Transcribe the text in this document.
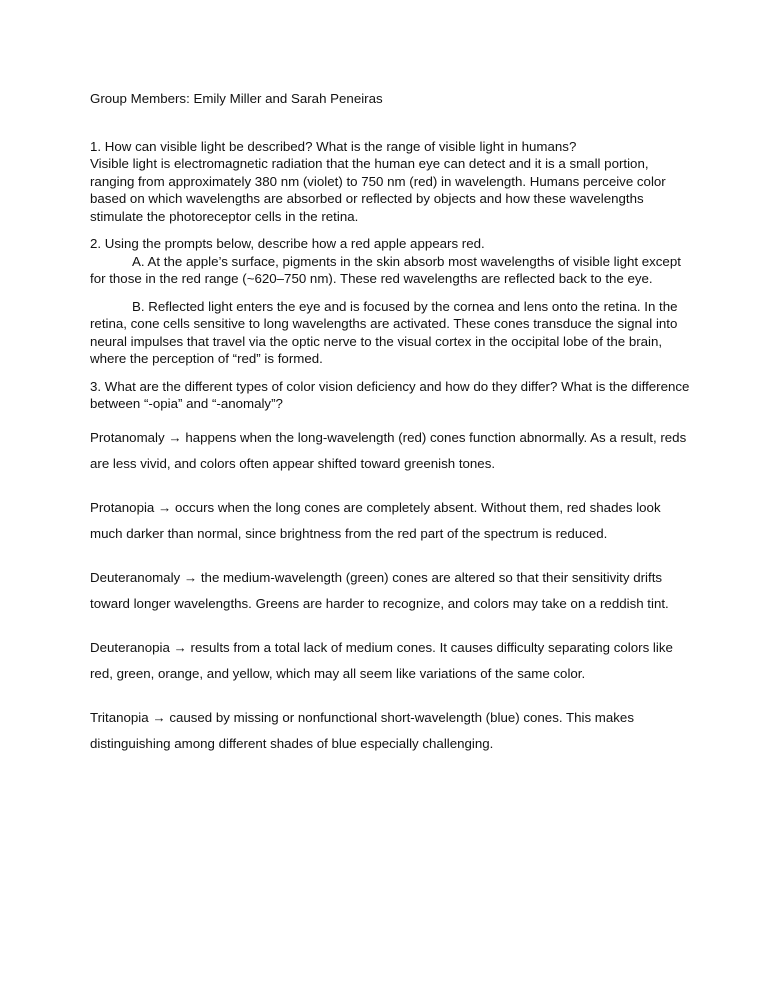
Group Members: Emily Miller and Sarah Peneiras

1. How can visible light be described? What is the range of visible light in humans?

Visible light is electromagnetic radiation that the human eye can detect and it is a small portion, ranging from approximately 380 nm (violet) to 750 nm (red) in wavelength. Humans perceive color based on which wavelengths are absorbed or reflected by objects and how these wavelengths stimulate the photoreceptor cells in the retina.

2. Using the prompts below, describe how a red apple appears red.

A. At the apple’s surface, pigments in the skin absorb most wavelengths of visible light except for those in the red range (~620–750 nm). These red wavelengths are reflected back to the eye.

B. Reflected light enters the eye and is focused by the cornea and lens onto the retina. In the retina, cone cells sensitive to long wavelengths are activated. These cones transduce the signal into neural impulses that travel via the optic nerve to the visual cortex in the occipital lobe of the brain, where the perception of “red” is formed.

3. What are the different types of color vision deficiency and how do they differ? What is the difference between “-opia” and “-anomaly”?

Protanomaly → happens when the long-wavelength (red) cones function abnormally. As a result, reds are less vivid, and colors often appear shifted toward greenish tones.

Protanopia → occurs when the long cones are completely absent. Without them, red shades look much darker than normal, since brightness from the red part of the spectrum is reduced.

Deuteranomaly → the medium-wavelength (green) cones are altered so that their sensitivity drifts toward longer wavelengths. Greens are harder to recognize, and colors may take on a reddish tint.

Deuteranopia → results from a total lack of medium cones. It causes difficulty separating colors like red, green, orange, and yellow, which may all seem like variations of the same color.

Tritanopia → caused by missing or nonfunctional short-wavelength (blue) cones. This makes distinguishing among different shades of blue especially challenging.
